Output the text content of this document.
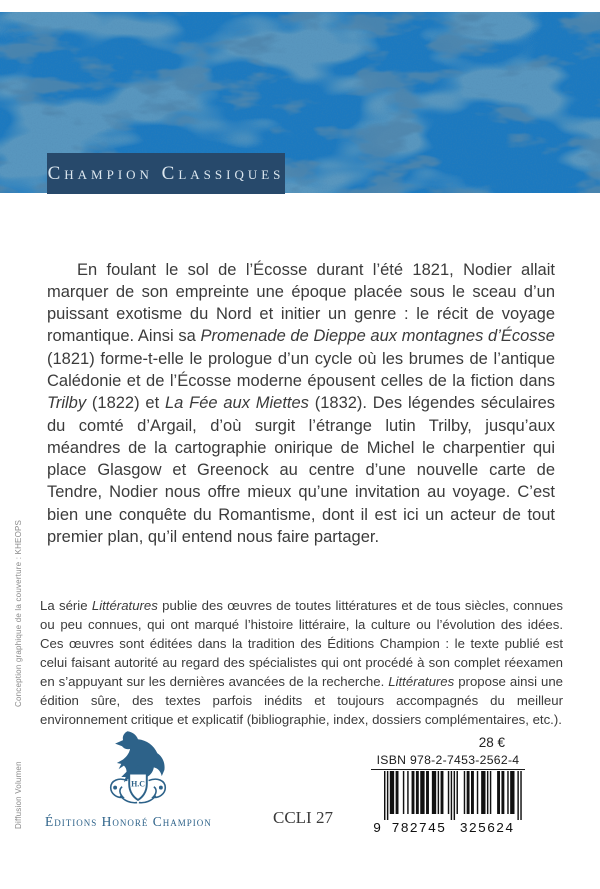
Champion Classiques

En foulant le sol de l’Écosse durant l’été 1821, Nodier allait marquer de son empreinte une époque placée sous le sceau d’un puissant exotisme du Nord et initier un genre : le récit de voyage romantique. Ainsi sa Promenade de Dieppe aux montagnes d’Écosse (1821) forme-t-elle le prologue d’un cycle où les brumes de l’antique Calédonie et de l’Écosse moderne épousent celles de la fiction dans Trilby (1822) et La Fée aux Miettes (1832). Des légendes séculaires du comté d’Argail, d’où surgit l’étrange lutin Trilby, jusqu’aux méandres de la cartographie onirique de Michel le charpentier qui place Glasgow et Greenock au centre d’une nouvelle carte de Tendre, Nodier nous offre mieux qu’une invitation au voyage. C’est bien une conquête du Romantisme, dont il est ici un acteur de tout premier plan, qu’il entend nous faire partager.

La série Littératures publie des œuvres de toutes littératures et de tous siècles, connues ou peu connues, qui ont marqué l’histoire littéraire, la culture ou l’évolution des idées. Ces œuvres sont éditées dans la tradition des Éditions Champion : le texte publié est celui faisant autorité au regard des spécialistes qui ont procédé à son complet réexamen en s’appuyant sur les dernières avancées de la recherche. Littératures propose ainsi une édition sûre, des textes parfois inédits et toujours accompagnés du meilleur environnement critique et explicatif (bibliographie, index, dossiers complémentaires, etc.).

Conception graphique de la couverture : KHEOPS
Diffusion Volumen	H.C
Éditions Honoré Champion	CCLI 27
28 €
ISBN 978-2-7453-2562-4
9 782745 325624
